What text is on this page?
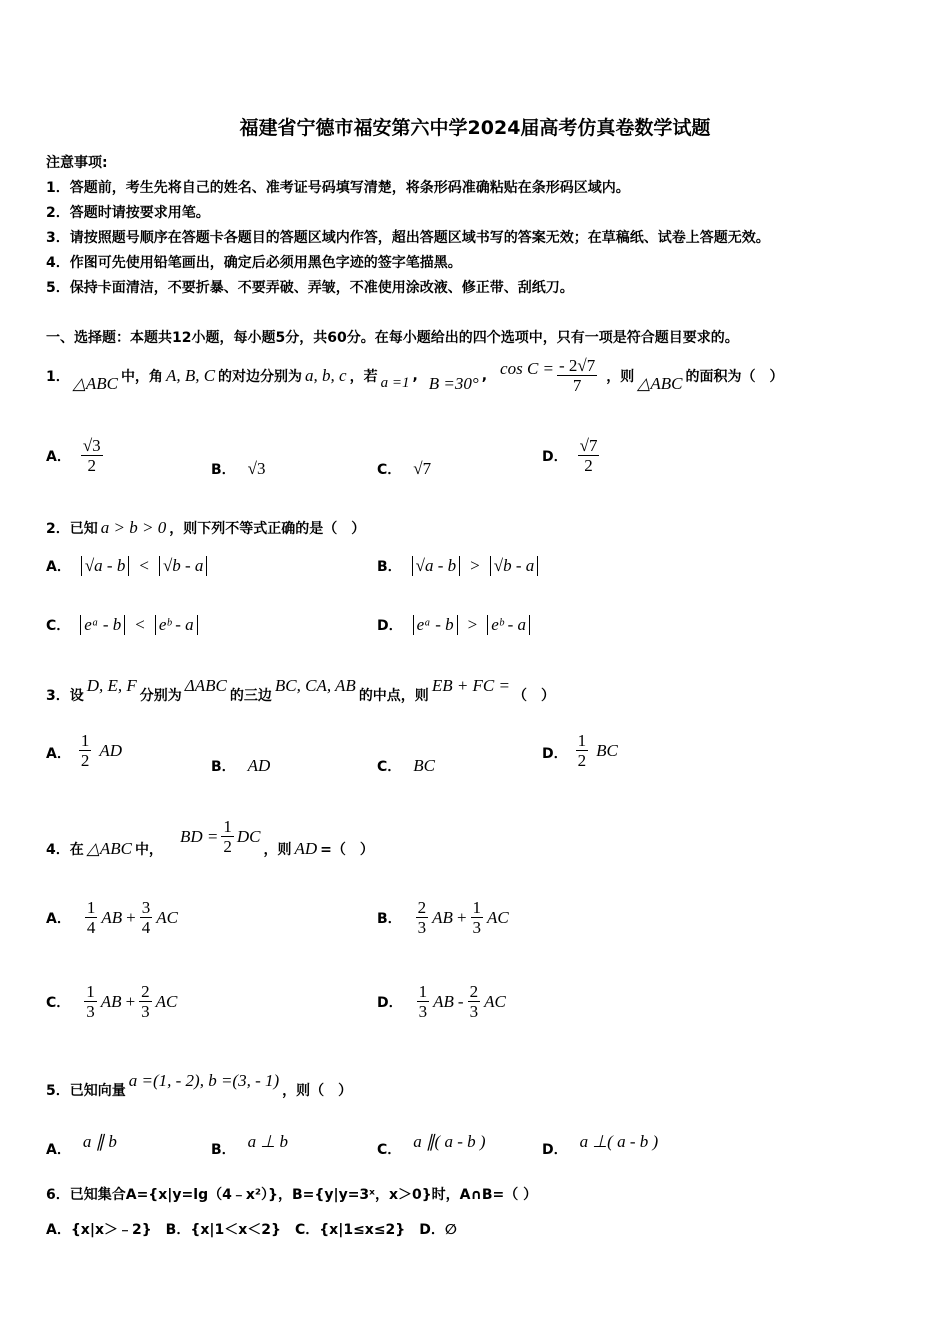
福建省宁德市福安第六中学2024届高考仿真卷数学试题
注意事项:
1．答题前，考生先将自己的姓名、准考证号码填写清楚，将条形码准确粘贴在条形码区域内。
2．答题时请按要求用笔。
3．请按照题号顺序在答题卡各题目的答题区域内作答，超出答题区域书写的答案无效；在草稿纸、试卷上答题无效。
4．作图可先使用铅笔画出，确定后必须用黑色字迹的签字笔描黑。
5．保持卡面清洁，不要折暴、不要弄破、弄皱，不准使用涂改液、修正带、刮纸刀。
一、选择题：本题共12小题，每小题5分，共60分。在每小题给出的四个选项中，只有一项是符合题目要求的。
1． △ABC 中，角 A, B, C 的对边分别为 a, b, c ，若 a =1 , B =30° , $\cos C = \frac{- 2√7}{7}$ ，则 △ABC 的面积为（　）
A． $\frac{√3}{2}$	B． √3	C． √7
D． $\frac{√7}{2}$
2．已知 a > b > 0 ，则下列不等式正确的是（　）
A． √a - b < √b - a	B． √a - b > √b - a
C． eᵃ - b < eᵇ - a	D． eᵃ - b > eᵇ - a
3．设
D, E, F
分别为
ΔABC
的三边
BC, CA, AB
的中点，则
EB + FC =
（　）
A． $\frac{1}{2}$ AD
B． AD	C． BC
D． $\frac{1}{2}$ BC
4．在 △ABC 中，
BD = $\frac{1}{2}$ DC
，则 AD =（　）
A． $\frac{1}{4}$ AB + $\frac{3}{4}$ AC	B． $\frac{2}{3}$ AB + $\frac{1}{3}$ AC
C． $\frac{1}{3}$ AB + $\frac{2}{3}$ AC	D． $\frac{1}{3}$ AB - $\frac{2}{3}$ AC
5．已知向量
a =(1, - 2), b =(3, - 1)
，则（　）
A． a ∥ b	B． a ⊥ b	C． a ∥( a - b )	D． a ⊥( a - b )
6．已知集合A={x|y=lg（4﹣x²）}，B={y|y=3ˣ，x＞0}时，A∩B=（ ）
A．{x|x＞﹣2}　B．{x|1＜x＜2}　C．{x|1≤x≤2}　D．∅
